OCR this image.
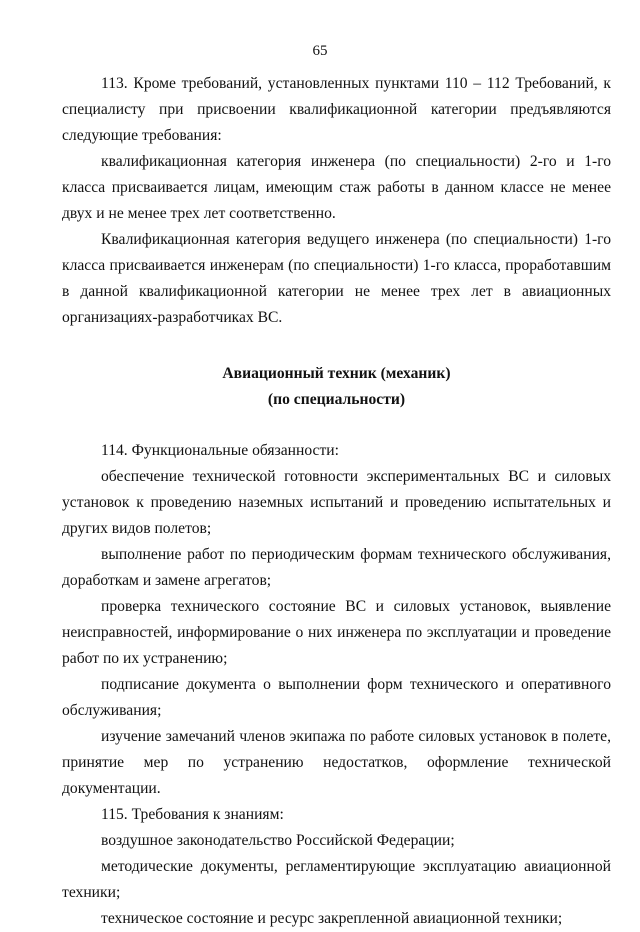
65

113. Кроме требований, установленных пунктами 110 – 112 Требований, к специалисту при присвоении квалификационной категории предъявляются следующие требования:

квалификационная категория инженера (по специальности) 2-го и 1-го класса присваивается лицам, имеющим стаж работы в данном классе не менее двух и не менее трех лет соответственно.

Квалификационная категория ведущего инженера (по специальности) 1-го класса присваивается инженерам (по специальности) 1-го класса, проработавшим в данной квалификационной категории не менее трех лет в авиационных организациях-разработчиках ВС.

Авиационный техник (механик)

(по специальности)

114. Функциональные обязанности:

обеспечение технической готовности экспериментальных ВС и силовых установок к проведению наземных испытаний и проведению испытательных и других видов полетов;

выполнение работ по периодическим формам технического обслуживания, доработкам и замене агрегатов;

проверка технического состояние ВС и силовых установок, выявление неисправностей, информирование о них инженера по эксплуатации и проведение работ по их устранению;

подписание документа о выполнении форм технического и оперативного обслуживания;

изучение замечаний членов экипажа по работе силовых установок в полете, принятие мер по устранению недостатков, оформление технической документации.

115. Требования к знаниям:

воздушное законодательство Российской Федерации;

методические документы, регламентирующие эксплуатацию авиационной техники;

техническое состояние и ресурс закрепленной авиационной техники;
